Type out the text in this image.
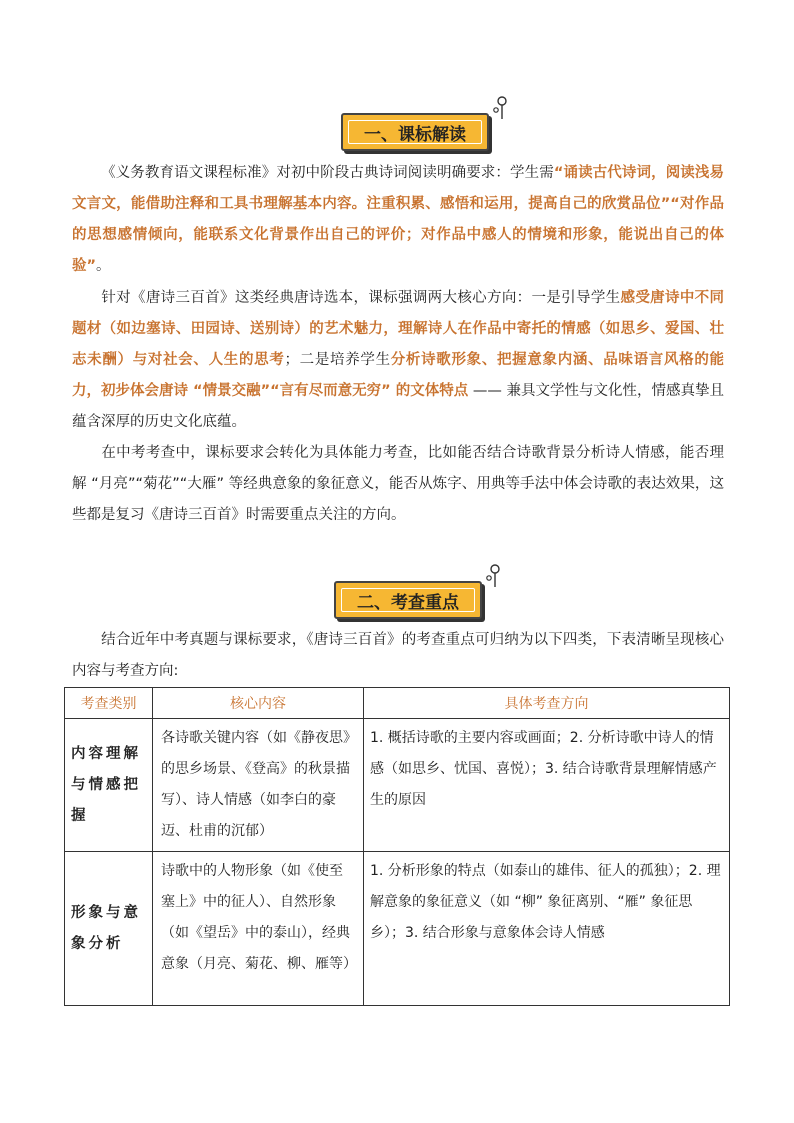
一、课标解读
《义务教育语文课程标准》对初中阶段古典诗词阅读明确要求：学生需“诵读古代诗词，阅读浅易文言文，能借助注释和工具书理解基本内容。注重积累、感悟和运用，提高自己的欣赏品位”“对作品的思想感情倾向，能联系文化背景作出自己的评价；对作品中感人的情境和形象，能说出自己的体验”。
针对《唐诗三百首》这类经典唐诗选本，课标强调两大核心方向：一是引导学生感受唐诗中不同题材（如边塞诗、田园诗、送别诗）的艺术魅力，理解诗人在作品中寄托的情感（如思乡、爱国、壮志未酬）与对社会、人生的思考；二是培养学生分析诗歌形象、把握意象内涵、品味语言风格的能力，初步体会唐诗 “情景交融”“言有尽而意无穷” 的文体特点 —— 兼具文学性与文化性，情感真挚且蕴含深厚的历史文化底蕴。
在中考考查中，课标要求会转化为具体能力考查，比如能否结合诗歌背景分析诗人情感，能否理解 “月亮”“菊花”“大雁” 等经典意象的象征意义，能否从炼字、用典等手法中体会诗歌的表达效果，这些都是复习《唐诗三百首》时需要重点关注的方向。
二、考查重点
结合近年中考真题与课标要求，《唐诗三百首》的考查重点可归纳为以下四类，下表清晰呈现核心内容与考查方向:
考查类别	核心内容	具体考查方向
内容理解与情感把握	各诗歌关键内容（如《静夜思》的思乡场景、《登高》的秋景描写）、诗人情感（如李白的豪迈、杜甫的沉郁）	1. 概括诗歌的主要内容或画面；2. 分析诗歌中诗人的情感（如思乡、忧国、喜悦）；3. 结合诗歌背景理解情感产生的原因
形象与意象分析	诗歌中的人物形象（如《使至塞上》中的征人）、自然形象（如《望岳》中的泰山），经典意象（月亮、菊花、柳、雁等）	1. 分析形象的特点（如泰山的雄伟、征人的孤独）；2. 理解意象的象征意义（如 “柳” 象征离别、“雁” 象征思乡）；3. 结合形象与意象体会诗人情感
